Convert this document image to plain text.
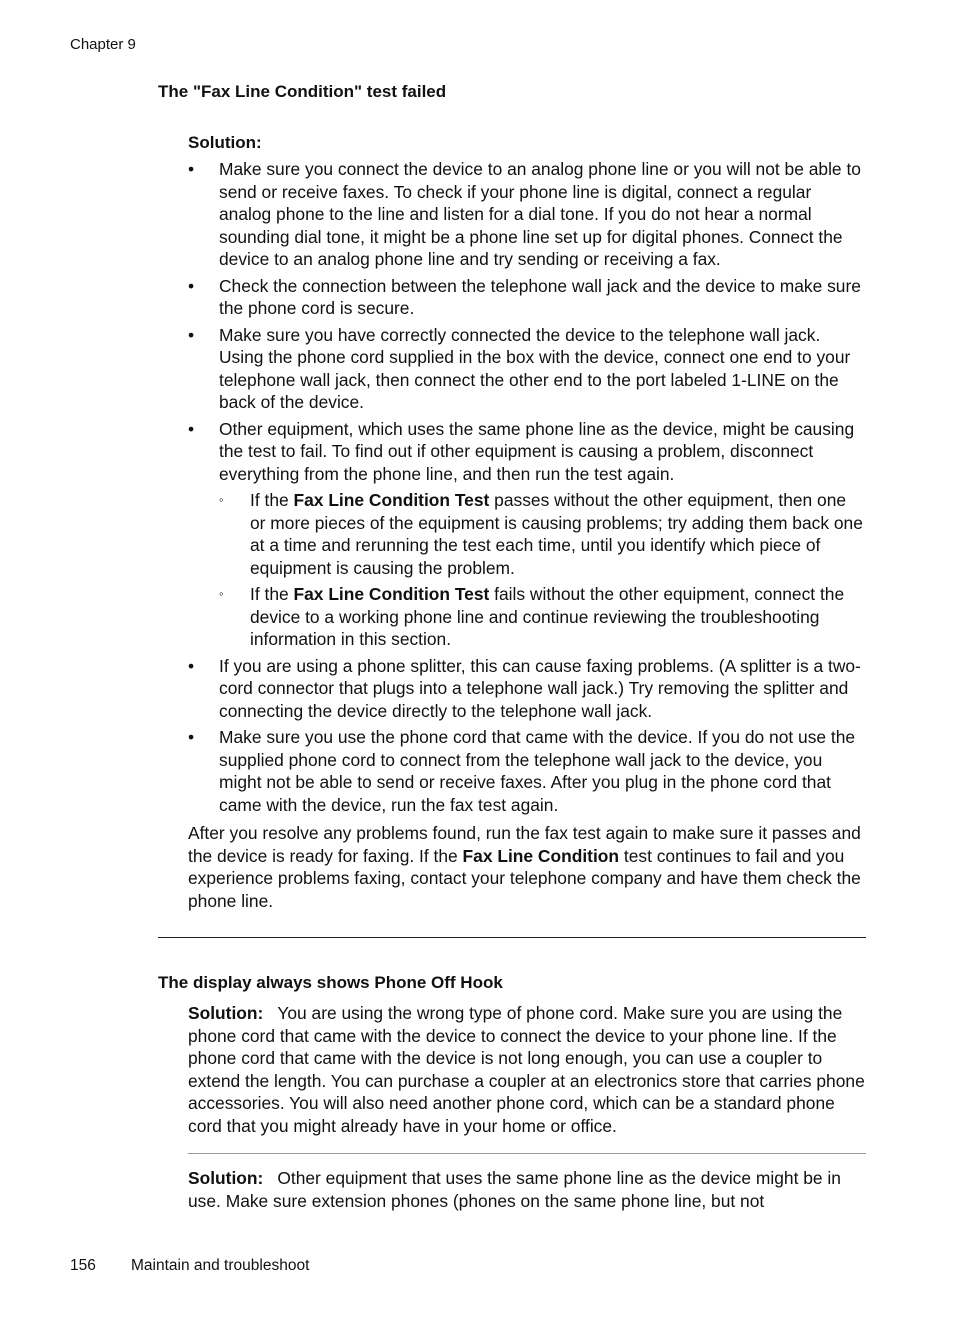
Chapter 9
The "Fax Line Condition" test failed
Solution:
• Make sure you connect the device to an analog phone line or you will not be able to send or receive faxes. To check if your phone line is digital, connect a regular analog phone to the line and listen for a dial tone. If you do not hear a normal sounding dial tone, it might be a phone line set up for digital phones. Connect the device to an analog phone line and try sending or receiving a fax.
• Check the connection between the telephone wall jack and the device to make sure the phone cord is secure.
• Make sure you have correctly connected the device to the telephone wall jack. Using the phone cord supplied in the box with the device, connect one end to your telephone wall jack, then connect the other end to the port labeled 1-LINE on the back of the device.
• Other equipment, which uses the same phone line as the device, might be causing the test to fail. To find out if other equipment is causing a problem, disconnect everything from the phone line, and then run the test again.
◦ If the Fax Line Condition Test passes without the other equipment, then one or more pieces of the equipment is causing problems; try adding them back one at a time and rerunning the test each time, until you identify which piece of equipment is causing the problem.
◦ If the Fax Line Condition Test fails without the other equipment, connect the device to a working phone line and continue reviewing the troubleshooting information in this section.
• If you are using a phone splitter, this can cause faxing problems. (A splitter is a two-cord connector that plugs into a telephone wall jack.) Try removing the splitter and connecting the device directly to the telephone wall jack.
• Make sure you use the phone cord that came with the device. If you do not use the supplied phone cord to connect from the telephone wall jack to the device, you might not be able to send or receive faxes. After you plug in the phone cord that came with the device, run the fax test again.
After you resolve any problems found, run the fax test again to make sure it passes and the device is ready for faxing. If the Fax Line Condition test continues to fail and you experience problems faxing, contact your telephone company and have them check the phone line.
The display always shows Phone Off Hook
Solution: You are using the wrong type of phone cord. Make sure you are using the phone cord that came with the device to connect the device to your phone line. If the phone cord that came with the device is not long enough, you can use a coupler to extend the length. You can purchase a coupler at an electronics store that carries phone accessories. You will also need another phone cord, which can be a standard phone cord that you might already have in your home or office.
Solution: Other equipment that uses the same phone line as the device might be in use. Make sure extension phones (phones on the same phone line, but not
156 Maintain and troubleshoot
